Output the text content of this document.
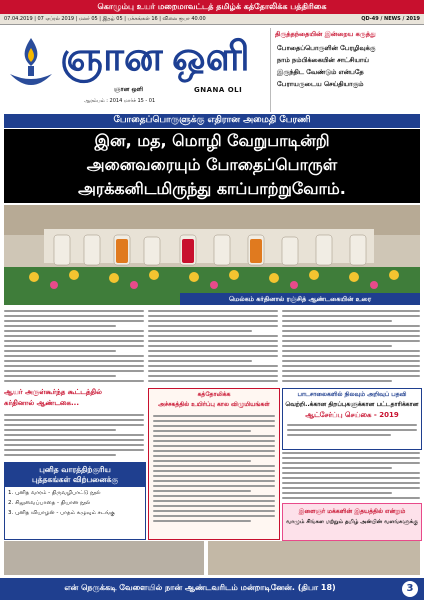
கொழும்பு உயர் மறைமாவட்டத் தமிழ்க் கத்தோலிக்க பத்திரிகை
07.04.2019 | 07 ஏப்ரல் 2019 | மலர் 05 | இதழ் 05 | பக்கங்கள் 16 | விலை ரூபா 40.00	QD-49 / NEWS / 2019
ஞான ஒளி
ஞான ஒளி	GNANA OLI
ஆரம்பம் : 2014 மார்ச் 15 - 01
திருத்தந்தையின் இன்றைய கருத்து
போதைப்பொருளின் பேரழிவுக்கு
நாம் நம்பிக்கையின் சாட்சியாய்
இருந்திட வேண்டும் என்பதே
பேராயருடைய செய்தியாகும்
போதைப்பொருளுக்கு எதிரான அமைதி பேரணி
இன, மத, மொழி வேறுபாடின்றி
அனைவரையும் போதைப்பொருள்
அரக்கனிடமிருந்து காப்பாற்றுவோம்.
மெல்கம் கர்தினால் ரஞ்சித் ஆண்டகையின் உரை
ஆயர் அருள்கூர்ந்த கூட்டத்தில்
கர்தினால் ஆண்டகை...
கத்தோலிக்க
அச்சகத்தில் உயிர்ப்பு கால விழுமியங்கள்
பாடசாலைகளில் நிலவும் அறிவுப் பதவி
வெற்றி..க்கான திறப்புகளுக்கான பட்டதாரிக்கான
ஆட்சேர்ப்பு செய்கை - 2019
இளைஞர் மக்களின் இதயத்தில் என்றும்
வாழும் சிங்கள மற்றும் தமிழ் அன்பின் வளங்களுக்கு
புனித வாரத்திற்குரிய
புத்தகங்கள் விற்பனைக்கு
1. புனித வாரம் - திருவழிபாட்டு நூல்
2. சிலுவைப்பாதை - தியான நூல்
3. புனித வியாழன் - பாதம் கழுவும் சடங்கு
என் நெருக்கடி வேளையில் நான் ஆண்டவரிடம் மன்றாடினேன். (திபா 18)	3
